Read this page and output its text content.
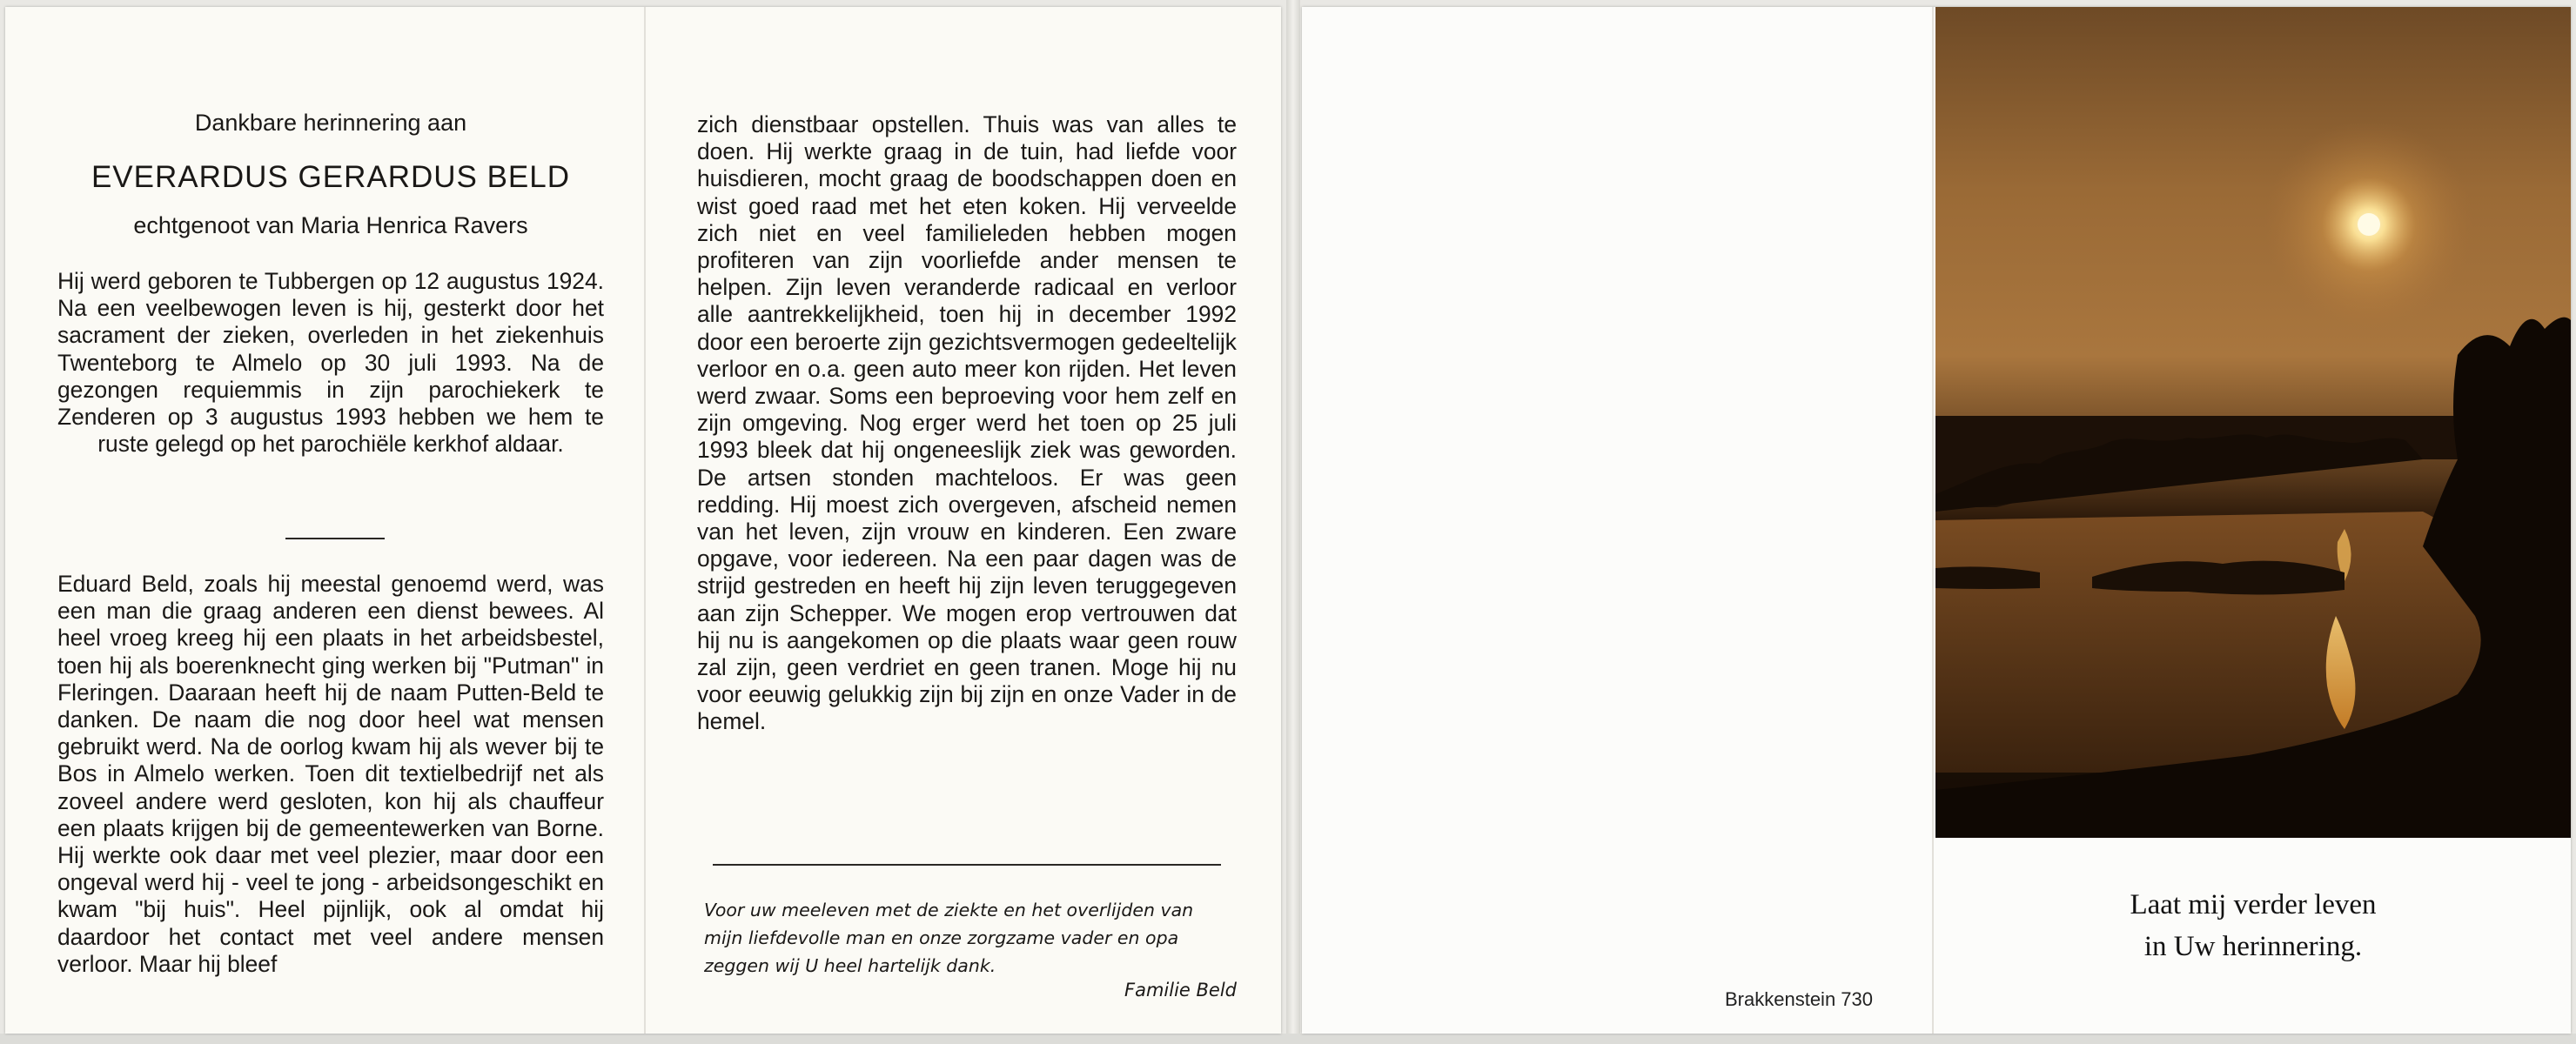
Dankbare herinnering aan
EVERARDUS GERARDUS BELD
echtgenoot van Maria Henrica Ravers

Hij werd geboren te Tubbergen op 12 augustus 1924. Na een veelbewogen leven is hij, gesterkt door het sacrament der zieken, overleden in het ziekenhuis Twenteborg te Almelo op 30 juli 1993. Na de gezongen requiemmis in zijn parochiekerk te Zenderen op 3 augustus 1993 hebben we hem te ruste gelegd op het parochiële kerkhof aldaar.

Eduard Beld, zoals hij meestal genoemd werd, was een man die graag anderen een dienst bewees. Al heel vroeg kreeg hij een plaats in het arbeidsbestel, toen hij als boerenknecht ging werken bij "Putman" in Fleringen. Daaraan heeft hij de naam Putten-Beld te danken. De naam die nog door heel wat mensen gebruikt werd. Na de oorlog kwam hij als wever bij te Bos in Almelo werken. Toen dit textielbedrijf net als zoveel andere werd gesloten, kon hij als chauffeur een plaats krijgen bij de gemeentewerken van Borne. Hij werkte ook daar met veel plezier, maar door een ongeval werd hij - veel te jong - arbeidsongeschikt en kwam "bij huis". Heel pijnlijk, ook al omdat hij daardoor het contact met veel andere mensen verloor. Maar hij bleef

zich dienstbaar opstellen. Thuis was van alles te doen. Hij werkte graag in de tuin, had liefde voor huisdieren, mocht graag de boodschappen doen en wist goed raad met het eten koken. Hij verveelde zich niet en veel familieleden hebben mogen profiteren van zijn voorliefde ander mensen te helpen. Zijn leven veranderde radicaal en verloor alle aantrekkelijkheid, toen hij in december 1992 door een beroerte zijn gezichtsvermogen gedeeltelijk verloor en o.a. geen auto meer kon rijden. Het leven werd zwaar. Soms een beproeving voor hem zelf en zijn omgeving. Nog erger werd het toen op 25 juli 1993 bleek dat hij ongeneeslijk ziek was geworden. De artsen stonden machteloos. Er was geen redding. Hij moest zich overgeven, afscheid nemen van het leven, zijn vrouw en kinderen. Een zware opgave, voor iedereen. Na een paar dagen was de strijd gestreden en heeft hij zijn leven teruggegeven aan zijn Schepper. We mogen erop vertrouwen dat hij nu is aangekomen op die plaats waar geen rouw zal zijn, geen verdriet en geen tranen. Moge hij nu voor eeuwig gelukkig zijn bij zijn en onze Vader in de hemel.

Voor uw meeleven met de ziekte en het overlijden van mijn liefdevolle man en onze zorgzame vader en opa zeggen wij U heel hartelijk dank.

Familie Beld	Brakkenstein 730
Laat mij verder leven
in Uw herinnering.
